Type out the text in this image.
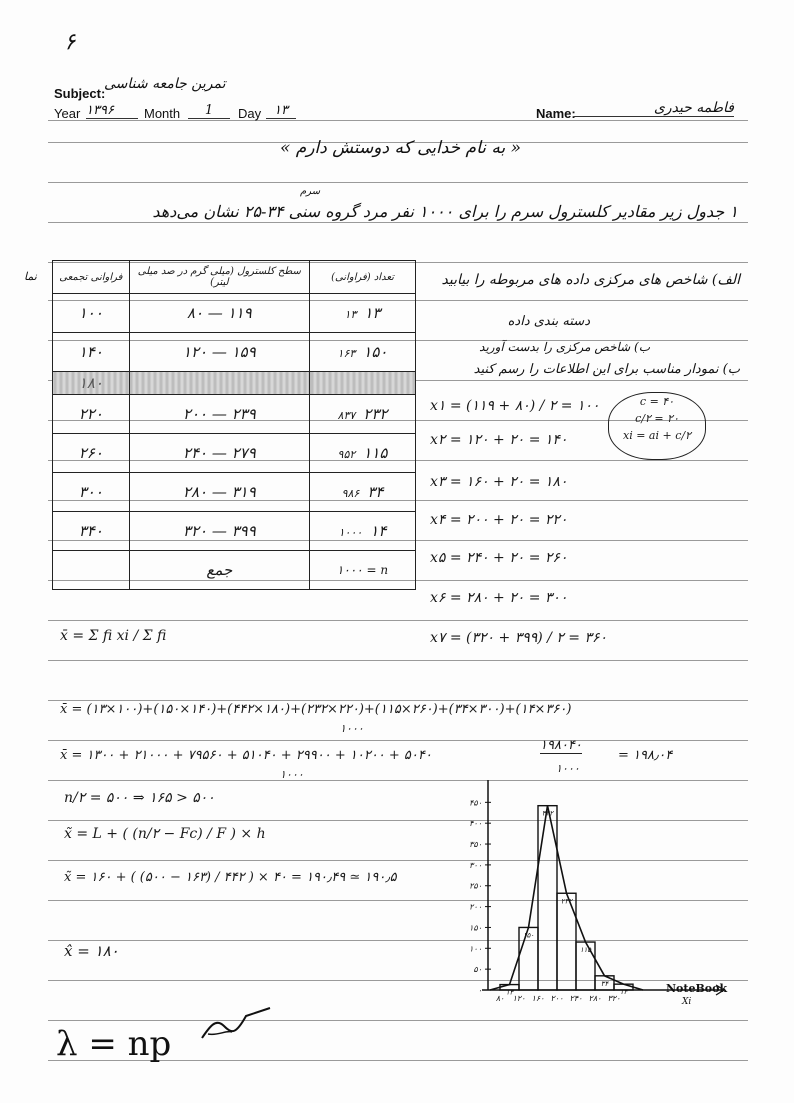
۶
Subject:
تمرین جامعه شناسی
Year ۱۳۹۶	Month	1	Day ۱۳	Name:	فاطمه حیدری
« به نام خدایی که دوستش دارم »
سرم
۱ جدول زیر مقادیر کلسترول سرم را برای ۱۰۰۰ نفر مرد گروه سنی ۳۴-۲۵ نشان می‌دهد
نما فراوانی تجمعی	سطح کلسترول (میلی گرم در صد میلی لیتر)	تعداد (فراوانی)
۱۰۰	۸۰ — ۱۱۹	۱۳ ۱۳
۱۴۰	۱۲۰ — ۱۵۹	۱۶۳ ۱۵۰
۱۸۰		
۲۲۰	۲۰۰ — ۲۳۹	۸۳۷ ۲۳۲
۲۶۰	۲۴۰ — ۲۷۹	۹۵۲ ۱۱۵
۳۰۰	۲۸۰ — ۳۱۹	۹۸۶ ۳۴
۳۴۰	۳۲۰ — ۳۹۹	۱۰۰۰ ۱۴
	جمع	۱۰۰۰ = n
الف) شاخص های مرکزی داده های مربوطه را بیابید
دسته بندی داده
ب) شاخص مرکزی را بدست آورید
ب) نمودار مناسب برای این اطلاعات را رسم کنید
c = ۴۰
c/۲ = ۲۰
xi = ai + c/۲
x۱ = (۱۱۹ + ۸۰) / ۲ = ۱۰۰
x۲ = ۱۲۰ + ۲۰ = ۱۴۰
x۳ = ۱۶۰ + ۲۰ = ۱۸۰
x۴ = ۲۰۰ + ۲۰ = ۲۲۰
x۵ = ۲۴۰ + ۲۰ = ۲۶۰
x۶ = ۲۸۰ + ۲۰ = ۳۰۰
x۷ = (۳۲۰ + ۳۹۹) / ۲ = ۳۶۰
x̄ = Σ fi xi / Σ fi
x̄ = (۱۳×۱۰۰)+(۱۵۰×۱۴۰)+(۴۴۲×۱۸۰)+(۲۳۲×۲۲۰)+(۱۱۵×۲۶۰)+(۳۴×۳۰۰)+(۱۴×۳۶۰)
۱۰۰۰
x̄ = ۱۳۰۰ + ۲۱۰۰۰ + ۷۹۵۶۰ + ۵۱۰۴۰ + ۲۹۹۰۰ + ۱۰۲۰۰ + ۵۰۴۰
۱۰۰۰
۱۹۸۰۴۰
۱۰۰۰
= ۱۹۸٫۰۴
n/۲ = ۵۰۰ ⇒ ۱۶۵ > ۵۰۰
x̃ = L + ( (n/۲ − Fc) / F ) × h
x̃ = ۱۶۰ + ( (۵۰۰ − ۱۶۳) / ۴۴۲ ) × ۴۰ = ۱۹۰٫۴۹ ≃ ۱۹۰٫۵
x̂ = ۱۸۰
λ = np
۰
۵۰
۱۰۰
۱۵۰
۲۰۰
۲۵۰
۳۰۰
۳۵۰
۴۰۰
۴۵۰
۱۳
۸۰
۱۵۰
۱۲۰
۴۴۲
۱۶۰
۲۳۲
۲۰۰
۱۱۵
۲۴۰
۳۴
۲۸۰
۱۴
۳۲۰	Xi
NoteBook
